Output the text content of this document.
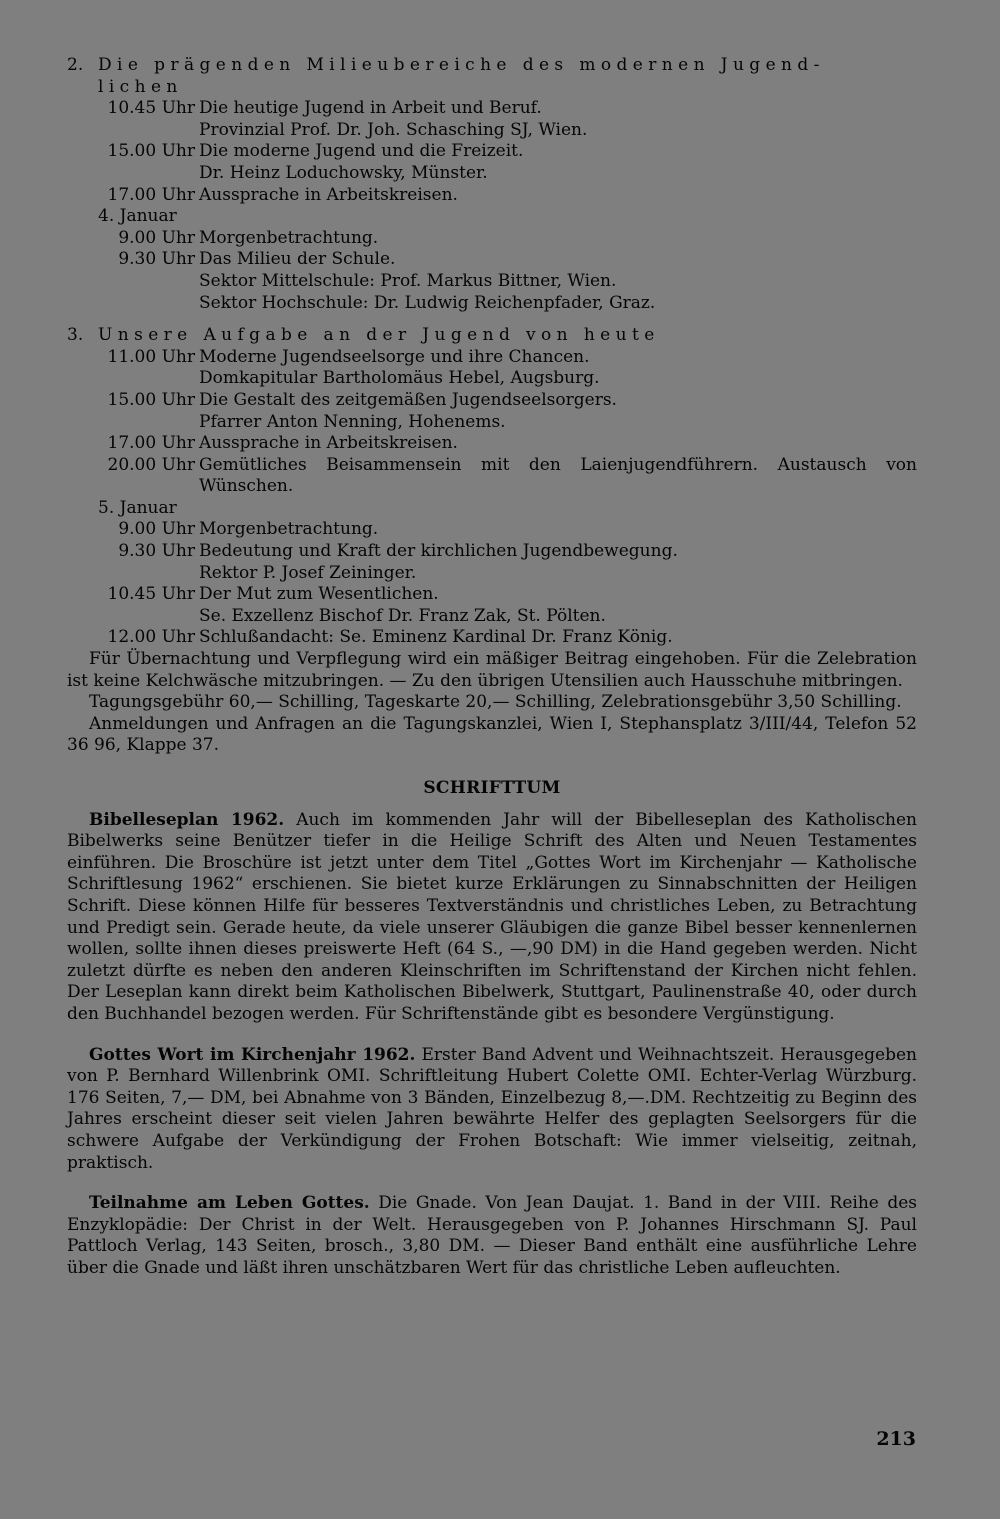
2. Die prägenden Milieubereiche des modernen Jugend-
lichen
10.45 Uhr Die heutige Jugend in Arbeit und Beruf.
Provinzial Prof. Dr. Joh. Schasching SJ, Wien.
15.00 Uhr Die moderne Jugend und die Freizeit.
Dr. Heinz Loduchowsky, Münster.
17.00 Uhr Aussprache in Arbeitskreisen.
4. Januar
9.00 Uhr Morgenbetrachtung.
9.30 Uhr Das Milieu der Schule.
Sektor Mittelschule: Prof. Markus Bittner, Wien.
Sektor Hochschule: Dr. Ludwig Reichenpfader, Graz.
3. Unsere Aufgabe an der Jugend von heute
11.00 Uhr Moderne Jugendseelsorge und ihre Chancen.
Domkapitular Bartholomäus Hebel, Augsburg.
15.00 Uhr Die Gestalt des zeitgemäßen Jugendseelsorgers.
Pfarrer Anton Nenning, Hohenems.
17.00 Uhr Aussprache in Arbeitskreisen.
20.00 Uhr Gemütliches Beisammensein mit den Laienjugendführern. Austausch von Wünschen.
5. Januar
9.00 Uhr Morgenbetrachtung.
9.30 Uhr Bedeutung und Kraft der kirchlichen Jugendbewegung.
Rektor P. Josef Zeininger.
10.45 Uhr Der Mut zum Wesentlichen.
Se. Exzellenz Bischof Dr. Franz Zak, St. Pölten.
12.00 Uhr Schlußandacht: Se. Eminenz Kardinal Dr. Franz König.
Für Übernachtung und Verpflegung wird ein mäßiger Beitrag eingehoben. Für die Zelebration ist keine Kelchwäsche mitzubringen. — Zu den übrigen Utensilien auch Hausschuhe mitbringen.
Tagungsgebühr 60,— Schilling, Tageskarte 20,— Schilling, Zelebrationsgebühr 3,50 Schilling.
Anmeldungen und Anfragen an die Tagungskanzlei, Wien I, Stephansplatz 3/III/44, Telefon 52 36 96, Klappe 37.
SCHRIFTTUM
Bibelleseplan 1962. Auch im kommenden Jahr will der Bibelleseplan des Katholischen Bibelwerks seine Benützer tiefer in die Heilige Schrift des Alten und Neuen Testamentes einführen. Die Broschüre ist jetzt unter dem Titel „Gottes Wort im Kirchenjahr — Katholische Schriftlesung 1962“ erschienen. Sie bietet kurze Erklärungen zu Sinnabschnitten der Heiligen Schrift. Diese können Hilfe für besseres Textverständnis und christliches Leben, zu Betrachtung und Predigt sein. Gerade heute, da viele unserer Gläubigen die ganze Bibel besser kennenlernen wollen, sollte ihnen dieses preiswerte Heft (64 S., —,90 DM) in die Hand gegeben werden. Nicht zuletzt dürfte es neben den anderen Kleinschriften im Schriftenstand der Kirchen nicht fehlen. Der Leseplan kann direkt beim Katholischen Bibelwerk, Stuttgart, Paulinenstraße 40, oder durch den Buchhandel bezogen werden. Für Schriftenstände gibt es besondere Vergünstigung.
Gottes Wort im Kirchenjahr 1962. Erster Band Advent und Weihnachtszeit. Herausgegeben von P. Bernhard Willenbrink OMI. Schriftleitung Hubert Colette OMI. Echter-Verlag Würzburg. 176 Seiten, 7,— DM, bei Abnahme von 3 Bänden, Einzelbezug 8,—.DM. Rechtzeitig zu Beginn des Jahres erscheint dieser seit vielen Jahren bewährte Helfer des geplagten Seelsorgers für die schwere Aufgabe der Verkündigung der Frohen Botschaft: Wie immer vielseitig, zeitnah, praktisch.
Teilnahme am Leben Gottes. Die Gnade. Von Jean Daujat. 1. Band in der VIII. Reihe des Enzyklopädie: Der Christ in der Welt. Herausgegeben von P. Johannes Hirschmann SJ. Paul Pattloch Verlag, 143 Seiten, brosch., 3,80 DM. — Dieser Band enthält eine ausführliche Lehre über die Gnade und läßt ihren unschätzbaren Wert für das christliche Leben aufleuchten.
213
